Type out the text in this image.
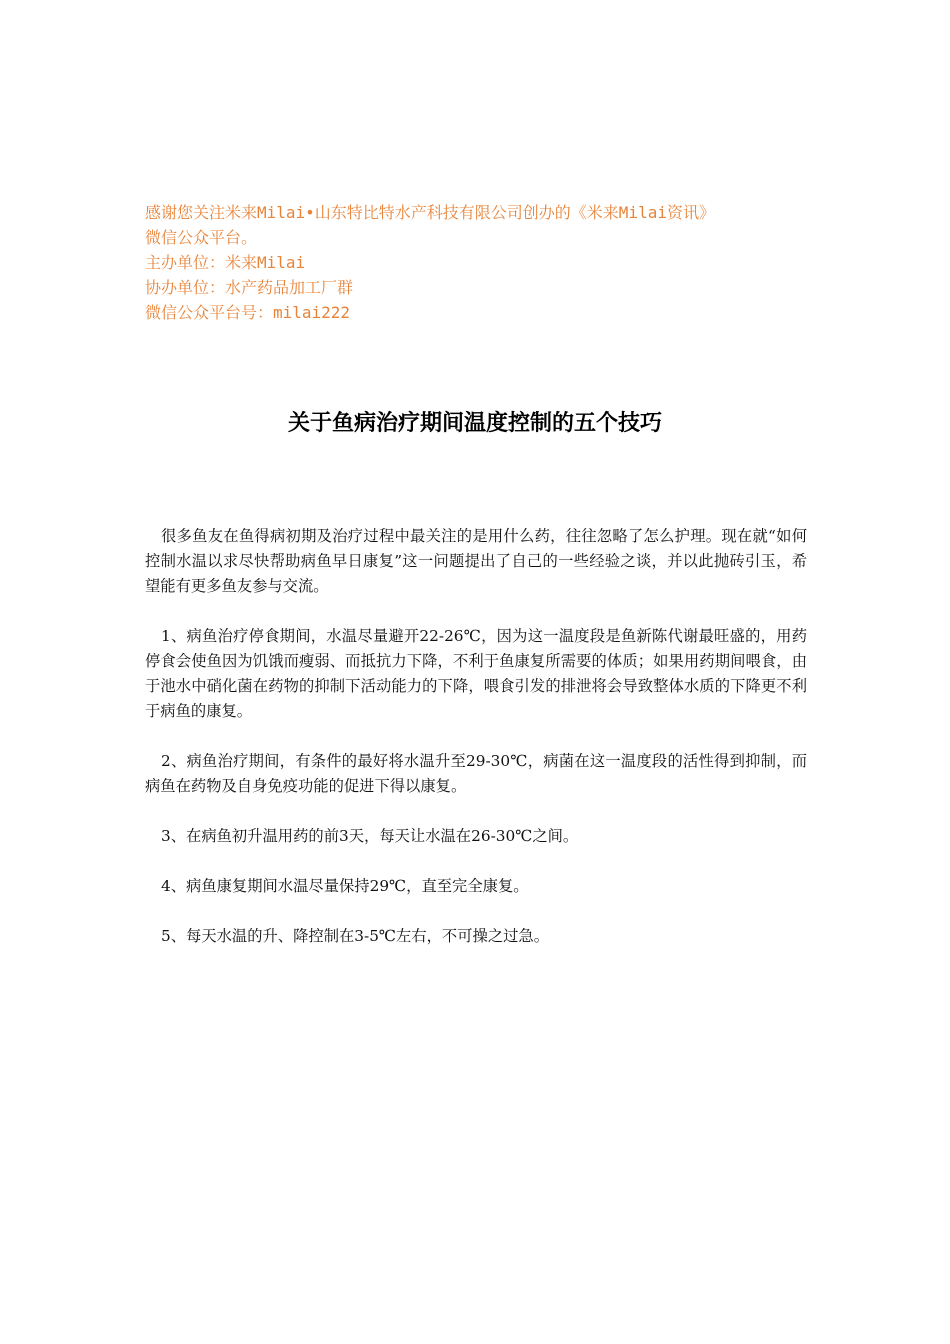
感谢您关注米来Milai•山东特比特水产科技有限公司创办的《米来Milai资讯》
微信公众平台。
主办单位：米来Milai
协办单位：水产药品加工厂群
微信公众平台号：milai222
关于鱼病治疗期间温度控制的五个技巧

很多鱼友在鱼得病初期及治疗过程中最关注的是用什么药，往往忽略了怎么护理。现在就“如何控制水温以求尽快帮助病鱼早日康复”这一问题提出了自己的一些经验之谈，并以此抛砖引玉，希望能有更多鱼友参与交流。

1、病鱼治疗停食期间，水温尽量避开22-26℃，因为这一温度段是鱼新陈代谢最旺盛的，用药停食会使鱼因为饥饿而瘦弱、而抵抗力下降，不利于鱼康复所需要的体质；如果用药期间喂食，由于池水中硝化菌在药物的抑制下活动能力的下降，喂食引发的排泄将会导致整体水质的下降更不利于病鱼的康复。

2、病鱼治疗期间，有条件的最好将水温升至29-30℃，病菌在这一温度段的活性得到抑制，而病鱼在药物及自身免疫功能的促进下得以康复。

3、在病鱼初升温用药的前3天，每天让水温在26-30℃之间。

4、病鱼康复期间水温尽量保持29℃，直至完全康复。

5、每天水温的升、降控制在3-5℃左右，不可操之过急。
